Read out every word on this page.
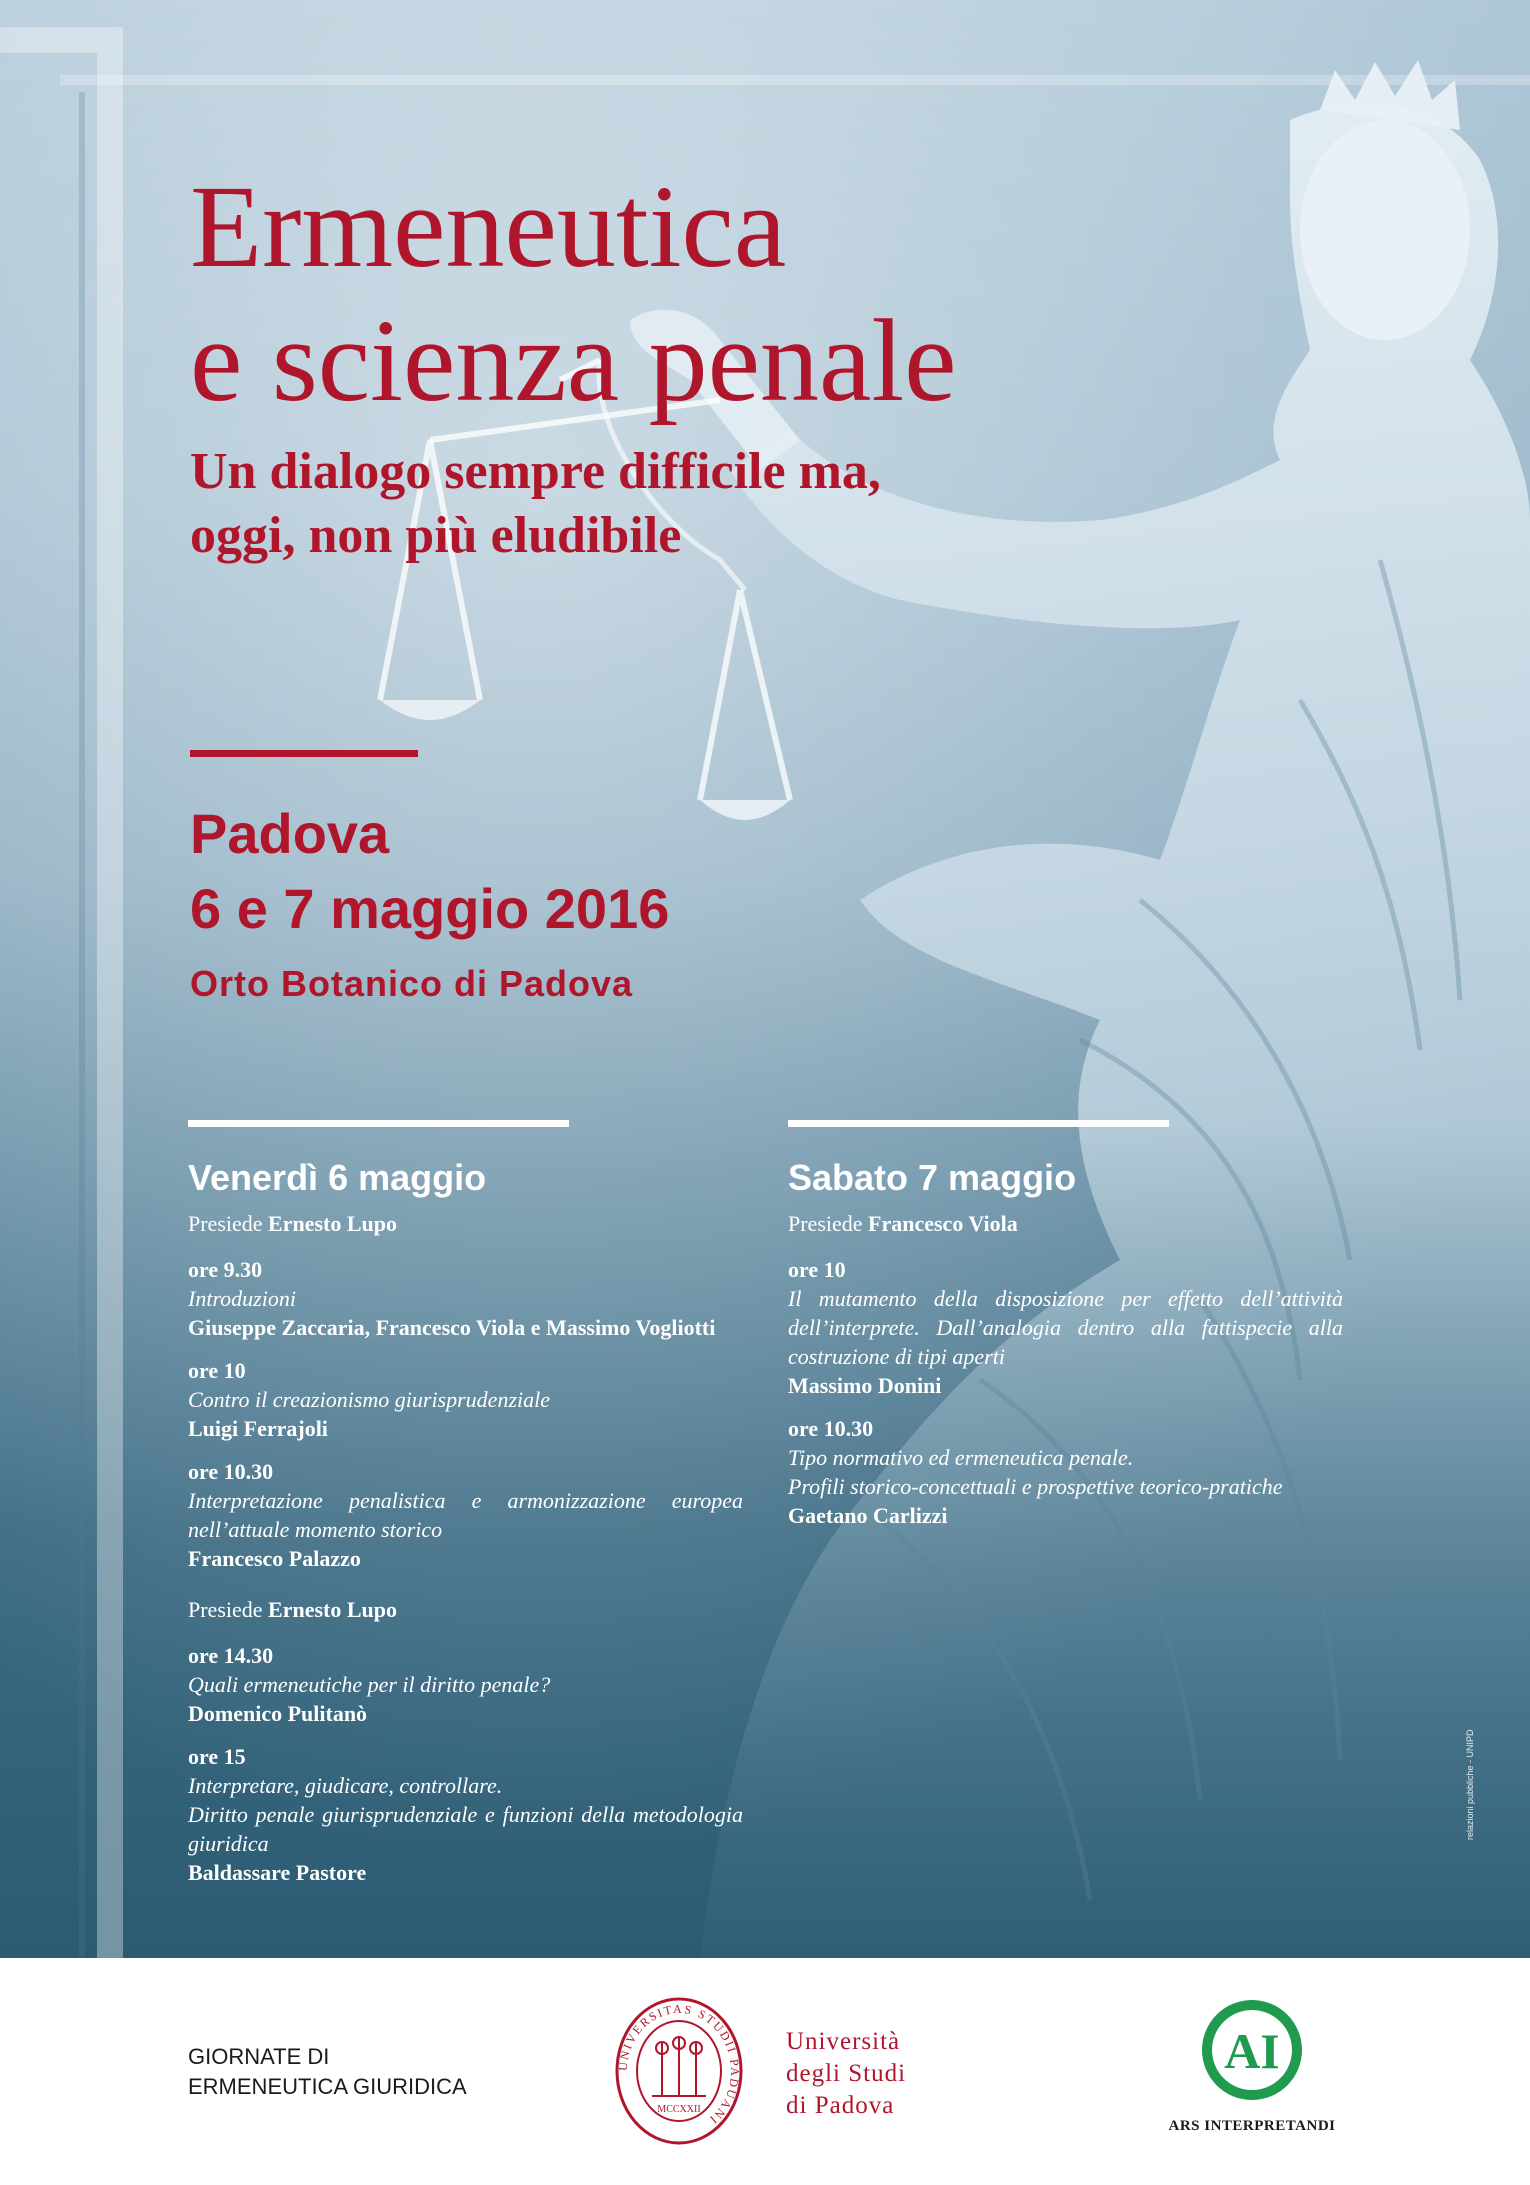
Ermeneutica
e scienza penale
Un dialogo sempre difficile ma,
oggi, non più eludibile
Padova
6 e 7 maggio 2016
Orto Botanico di Padova
Venerdì 6 maggio

Presiede Ernesto Lupo

ore 9.30
Introduzioni
Giuseppe Zaccaria, Francesco Viola e Massimo Vogliotti
ore 10
Contro il creazionismo giurisprudenziale
Luigi Ferrajoli
ore 10.30
Interpretazione penalistica e armonizzazione europea nell’attuale momento storico
Francesco Palazzo

Presiede Ernesto Lupo

ore 14.30
Quali ermeneutiche per il diritto penale?
Domenico Pulitanò
ore 15
Interpretare, giudicare, controllare.
Diritto penale giurisprudenziale e funzioni della metodologia giuridica
Baldassare Pastore
Sabato 7 maggio

Presiede Francesco Viola

ore 10
Il mutamento della disposizione per effetto dell’attività dell’interprete. Dall’analogia dentro alla fattispecie alla costruzione di tipi aperti
Massimo Donini
ore 10.30
Tipo normativo ed ermeneutica penale.
Profili storico-concettuali e prospettive teorico-pratiche
Gaetano Carlizzi
relazioni pubbliche - UNIPD
GIORNATE DI
ERMENEUTICA GIURIDICA
UNIVERSITAS STUDII PADUANI
MCCXXII
Università
degli Studi
di Padova
AI
ARS INTERPRETANDI
